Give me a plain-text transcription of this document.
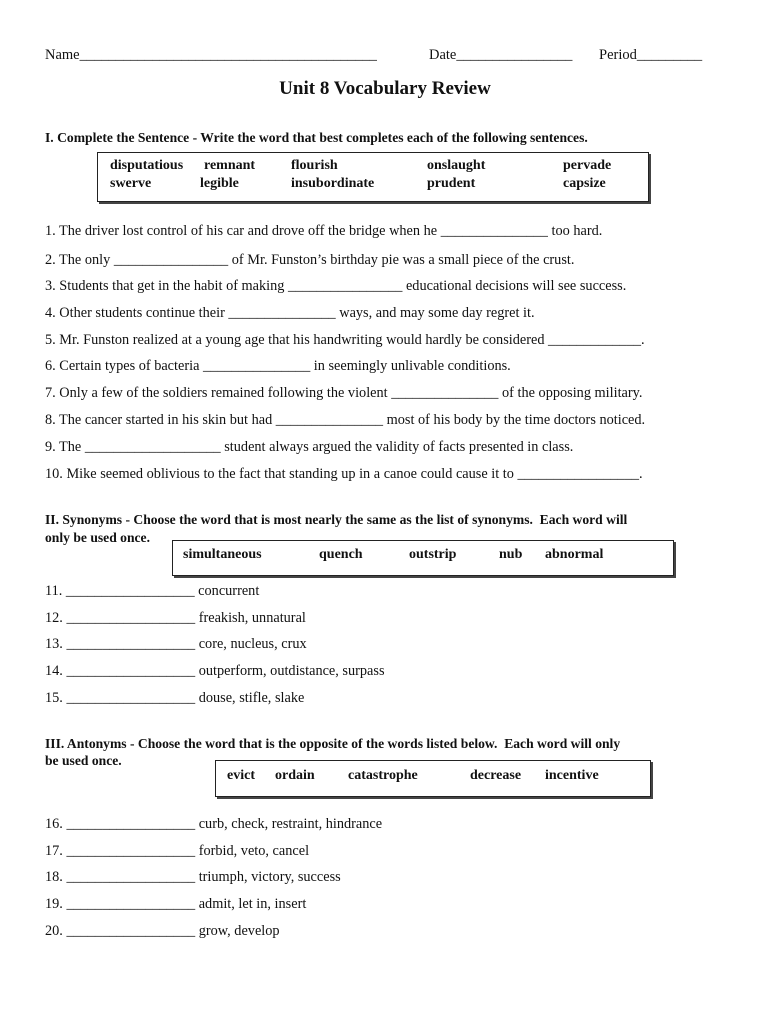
Name_________________________________________	Date________________ Period_________
Unit 8 Vocabulary Review
I. Complete the Sentence - Write the word that best completes each of the following sentences.
disputatious remnant	flourish	onslaught	pervade
swerve	legible	insubordinate	prudent	capsize
1. The driver lost control of his car and drove off the bridge when he _______________ too hard.
2. The only ________________ of Mr. Funston’s birthday pie was a small piece of the crust.
3. Students that get in the habit of making ________________ educational decisions will see success.
4. Other students continue their _______________ ways, and may some day regret it.
5. Mr. Funston realized at a young age that his handwriting would hardly be considered _____________.
6. Certain types of bacteria _______________ in seemingly unlivable conditions.
7. Only a few of the soldiers remained following the violent _______________ of the opposing military.
8. The cancer started in his skin but had _______________ most of his body by the time doctors noticed.
9. The ___________________ student always argued the validity of facts presented in class.
10. Mike seemed oblivious to the fact that standing up in a canoe could cause it to _________________.
II. Synonyms - Choose the word that is most nearly the same as the list of synonyms.  Each word will
only be used once.
simultaneous	quench	outstrip	nub abnormal
11. __________________ concurrent
12. __________________ freakish, unnatural
13. __________________ core, nucleus, crux
14. __________________ outperform, outdistance, surpass
15. __________________ douse, stifle, slake
III. Antonyms - Choose the word that is the opposite of the words listed below.  Each word will only
be used once.
evict ordain catastrophe	decrease incentive
16. __________________ curb, check, restraint, hindrance
17. __________________ forbid, veto, cancel
18. __________________ triumph, victory, success
19. __________________ admit, let in, insert
20. __________________ grow, develop
